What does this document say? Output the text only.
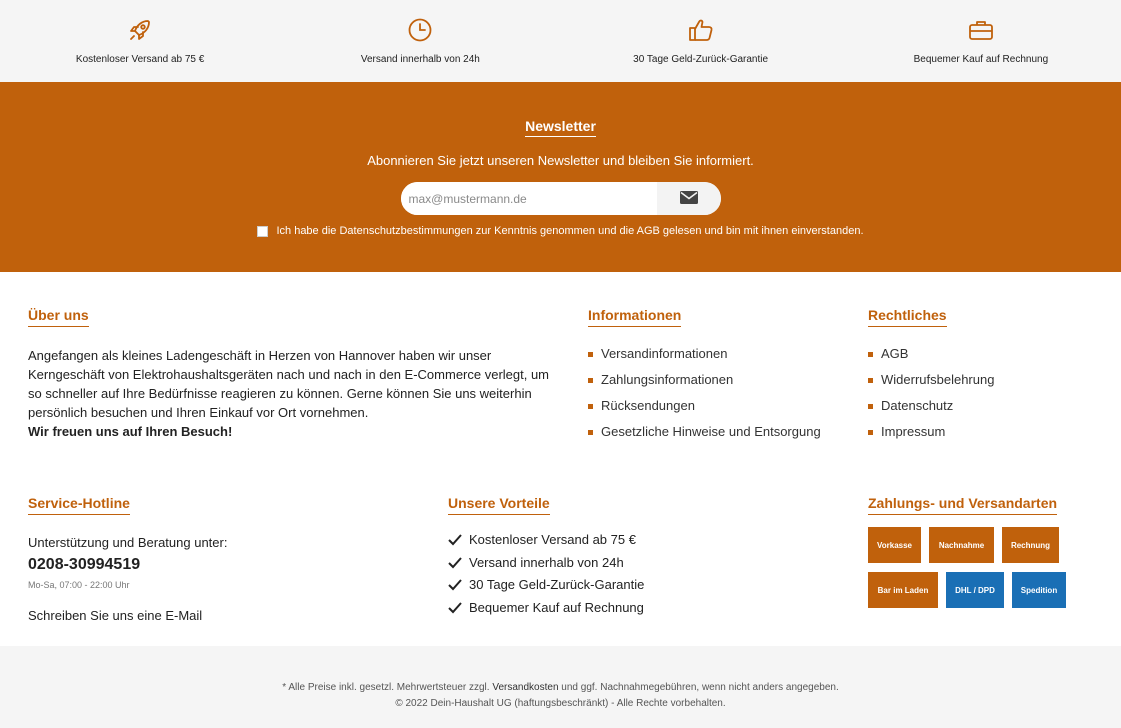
Kostenloser Versand ab 75 €	Versand innerhalb von 24h	30 Tage Geld-Zurück-Garantie	Bequemer Kauf auf Rechnung
Newsletter
Abonnieren Sie jetzt unseren Newsletter und bleiben Sie informiert.
max@mustermann.de
Ich habe die Datenschutzbestimmungen zur Kenntnis genommen und die AGB gelesen und bin mit ihnen einverstanden.
Über uns
Angefangen als kleines Ladengeschäft in Herzen von Hannover haben wir unser Kerngeschäft von Elektrohaushaltsgeräten nach und nach in den E-Commerce verlegt, um so schneller auf Ihre Bedürfnisse reagieren zu können. Gerne können Sie uns weiterhin persönlich besuchen und Ihren Einkauf vor Ort vornehmen.
Wir freuen uns auf Ihren Besuch!
Informationen
Versandinformationen
Zahlungsinformationen
Rücksendungen
Gesetzliche Hinweise und Entsorgung
Rechtliches
AGB
Widerrufsbelehrung
Datenschutz
Impressum
Service-Hotline
Unterstützung und Beratung unter:
0208-30994519
Mo-Sa, 07:00 - 22:00 Uhr
Schreiben Sie uns eine E-Mail
Unsere Vorteile
Kostenloser Versand ab 75 €
Versand innerhalb von 24h
30 Tage Geld-Zurück-Garantie
Bequemer Kauf auf Rechnung
Zahlungs- und Versandarten
Vorkasse	Nachnahme	Rechnung
Bar im Laden	DHL / DPD	Spedition

* Alle Preise inkl. gesetzl. Mehrwertsteuer zzgl. Versandkosten und ggf. Nachnahmegebühren, wenn nicht anders angegeben.

© 2022 Dein-Haushalt UG (haftungsbeschränkt) - Alle Rechte vorbehalten.
